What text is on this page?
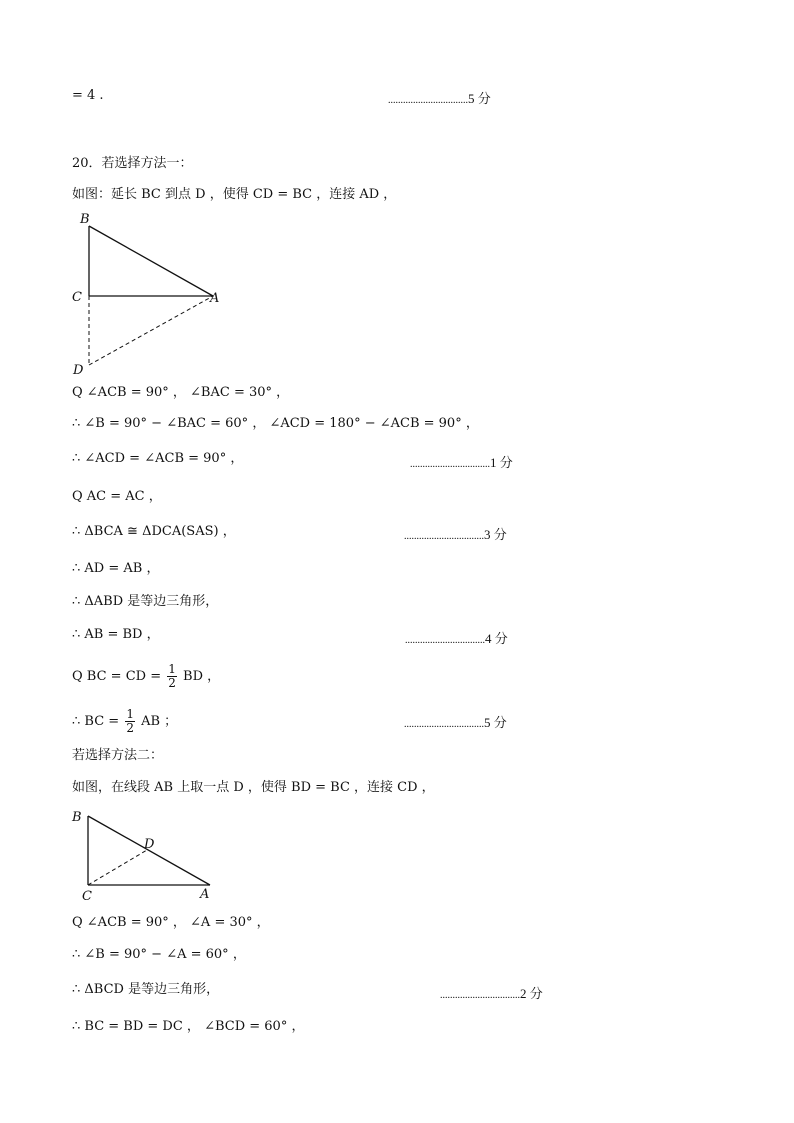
= 4 .	................................5 分
20．若选择方法一：
如图：延长 BC 到点 D ，使得 CD = BC ，连接 AD ，
B
C	A
D
Q ∠ACB = 90° ， ∠BAC = 30° ，
∴ ∠B = 90° − ∠BAC = 60° ， ∠ACD = 180° − ∠ACB = 90° ，
∴ ∠ACD = ∠ACB = 90° ，	................................1 分
Q AC = AC ，
∴ ΔBCA ≅ ΔDCA(SAS) ，	................................3 分
∴ AD = AB ，
∴ ΔABD 是等边三角形，
∴ AB = BD ，	................................4 分
Q BC = CD = $\frac{1}{2}$ BD ，
∴ BC = $\frac{1}{2}$ AB ；	................................5 分
若选择方法二：
如图，在线段 AB 上取一点 D ，使得 BD = BC ，连接 CD ，
B
D
C	A
Q ∠ACB = 90° ， ∠A = 30° ，
∴ ∠B = 90° − ∠A = 60° ，
∴ ΔBCD 是等边三角形，	................................2 分
∴ BC = BD = DC ， ∠BCD = 60° ，
